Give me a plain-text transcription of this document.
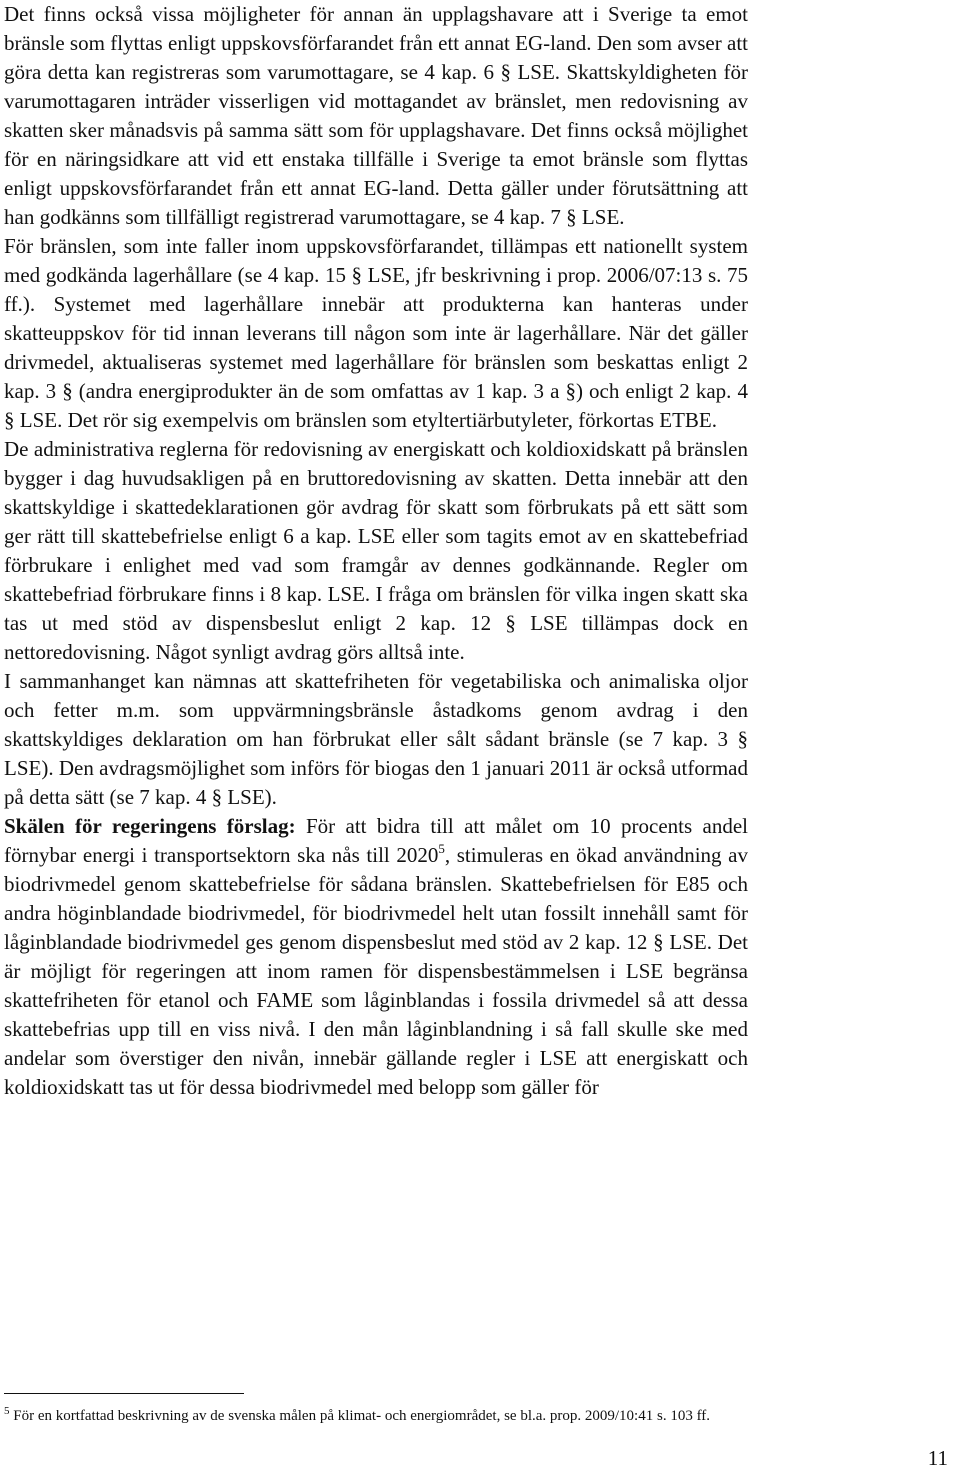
Det finns också vissa möjligheter för annan än upplagshavare att i Sverige ta emot bränsle som flyttas enligt uppskovsförfarandet från ett annat EG-land. Den som avser att göra detta kan registreras som varumottagare, se 4 kap. 6 § LSE. Skattskyldigheten för varumottagaren inträder visserligen vid mottagandet av bränslet, men redovisning av skatten sker månadsvis på samma sätt som för upplagshavare. Det finns också möjlighet för en näringsidkare att vid ett enstaka tillfälle i Sverige ta emot bränsle som flyttas enligt uppskovsförfarandet från ett annat EG-land. Detta gäller under förutsättning att han godkänns som tillfälligt registrerad varumottagare, se 4 kap. 7 § LSE.

För bränslen, som inte faller inom uppskovsförfarandet, tillämpas ett nationellt system med godkända lagerhållare (se 4 kap. 15 § LSE, jfr beskrivning i prop. 2006/07:13 s. 75 ff.). Systemet med lagerhållare innebär att produkterna kan hanteras under skatteuppskov för tid innan leverans till någon som inte är lagerhållare. När det gäller drivmedel, aktualiseras systemet med lagerhållare för bränslen som beskattas enligt 2 kap. 3 § (andra energiprodukter än de som omfattas av 1 kap. 3 a §) och enligt 2 kap. 4 § LSE. Det rör sig exempelvis om bränslen som etyltertiärbutyleter, förkortas ETBE.

De administrativa reglerna för redovisning av energiskatt och koldioxidskatt på bränslen bygger i dag huvudsakligen på en bruttoredovisning av skatten. Detta innebär att den skattskyldige i skattedeklarationen gör avdrag för skatt som förbrukats på ett sätt som ger rätt till skattebefrielse enligt 6 a kap. LSE eller som tagits emot av en skattebefriad förbrukare i enlighet med vad som framgår av dennes godkännande. Regler om skattebefriad förbrukare finns i 8 kap. LSE. I fråga om bränslen för vilka ingen skatt ska tas ut med stöd av dispensbeslut enligt 2 kap. 12 § LSE tillämpas dock en nettoredovisning. Något synligt avdrag görs alltså inte.

I sammanhanget kan nämnas att skattefriheten för vegetabiliska och animaliska oljor och fetter m.m. som uppvärmningsbränsle åstadkoms genom avdrag i den skattskyldiges deklaration om han förbrukat eller sålt sådant bränsle (se 7 kap. 3 § LSE). Den avdragsmöjlighet som införs för biogas den 1 januari 2011 är också utformad på detta sätt (se 7 kap. 4 § LSE).

Skälen för regeringens förslag: För att bidra till att målet om 10 procents andel förnybar energi i transportsektorn ska nås till 2020$^5$, stimuleras en ökad användning av biodrivmedel genom skattebefrielse för sådana bränslen. Skattebefrielsen för E85 och andra höginblandade biodrivmedel, för biodrivmedel helt utan fossilt innehåll samt för låginblandade biodrivmedel ges genom dispensbeslut med stöd av 2 kap. 12 § LSE. Det är möjligt för regeringen att inom ramen för dispensbestämmelsen i LSE begränsa skattefriheten för etanol och FAME som låginblandas i fossila drivmedel så att dessa skattebefrias upp till en viss nivå. I den mån låginblandning i så fall skulle ske med andelar som överstiger den nivån, innebär gällande regler i LSE att energiskatt och koldioxidskatt tas ut för dessa biodrivmedel med belopp som gäller för

$^5$ För en kortfattad beskrivning av de svenska målen på klimat- och energiområdet, se bl.a. prop. 2009/10:41 s. 103 ff.
11
